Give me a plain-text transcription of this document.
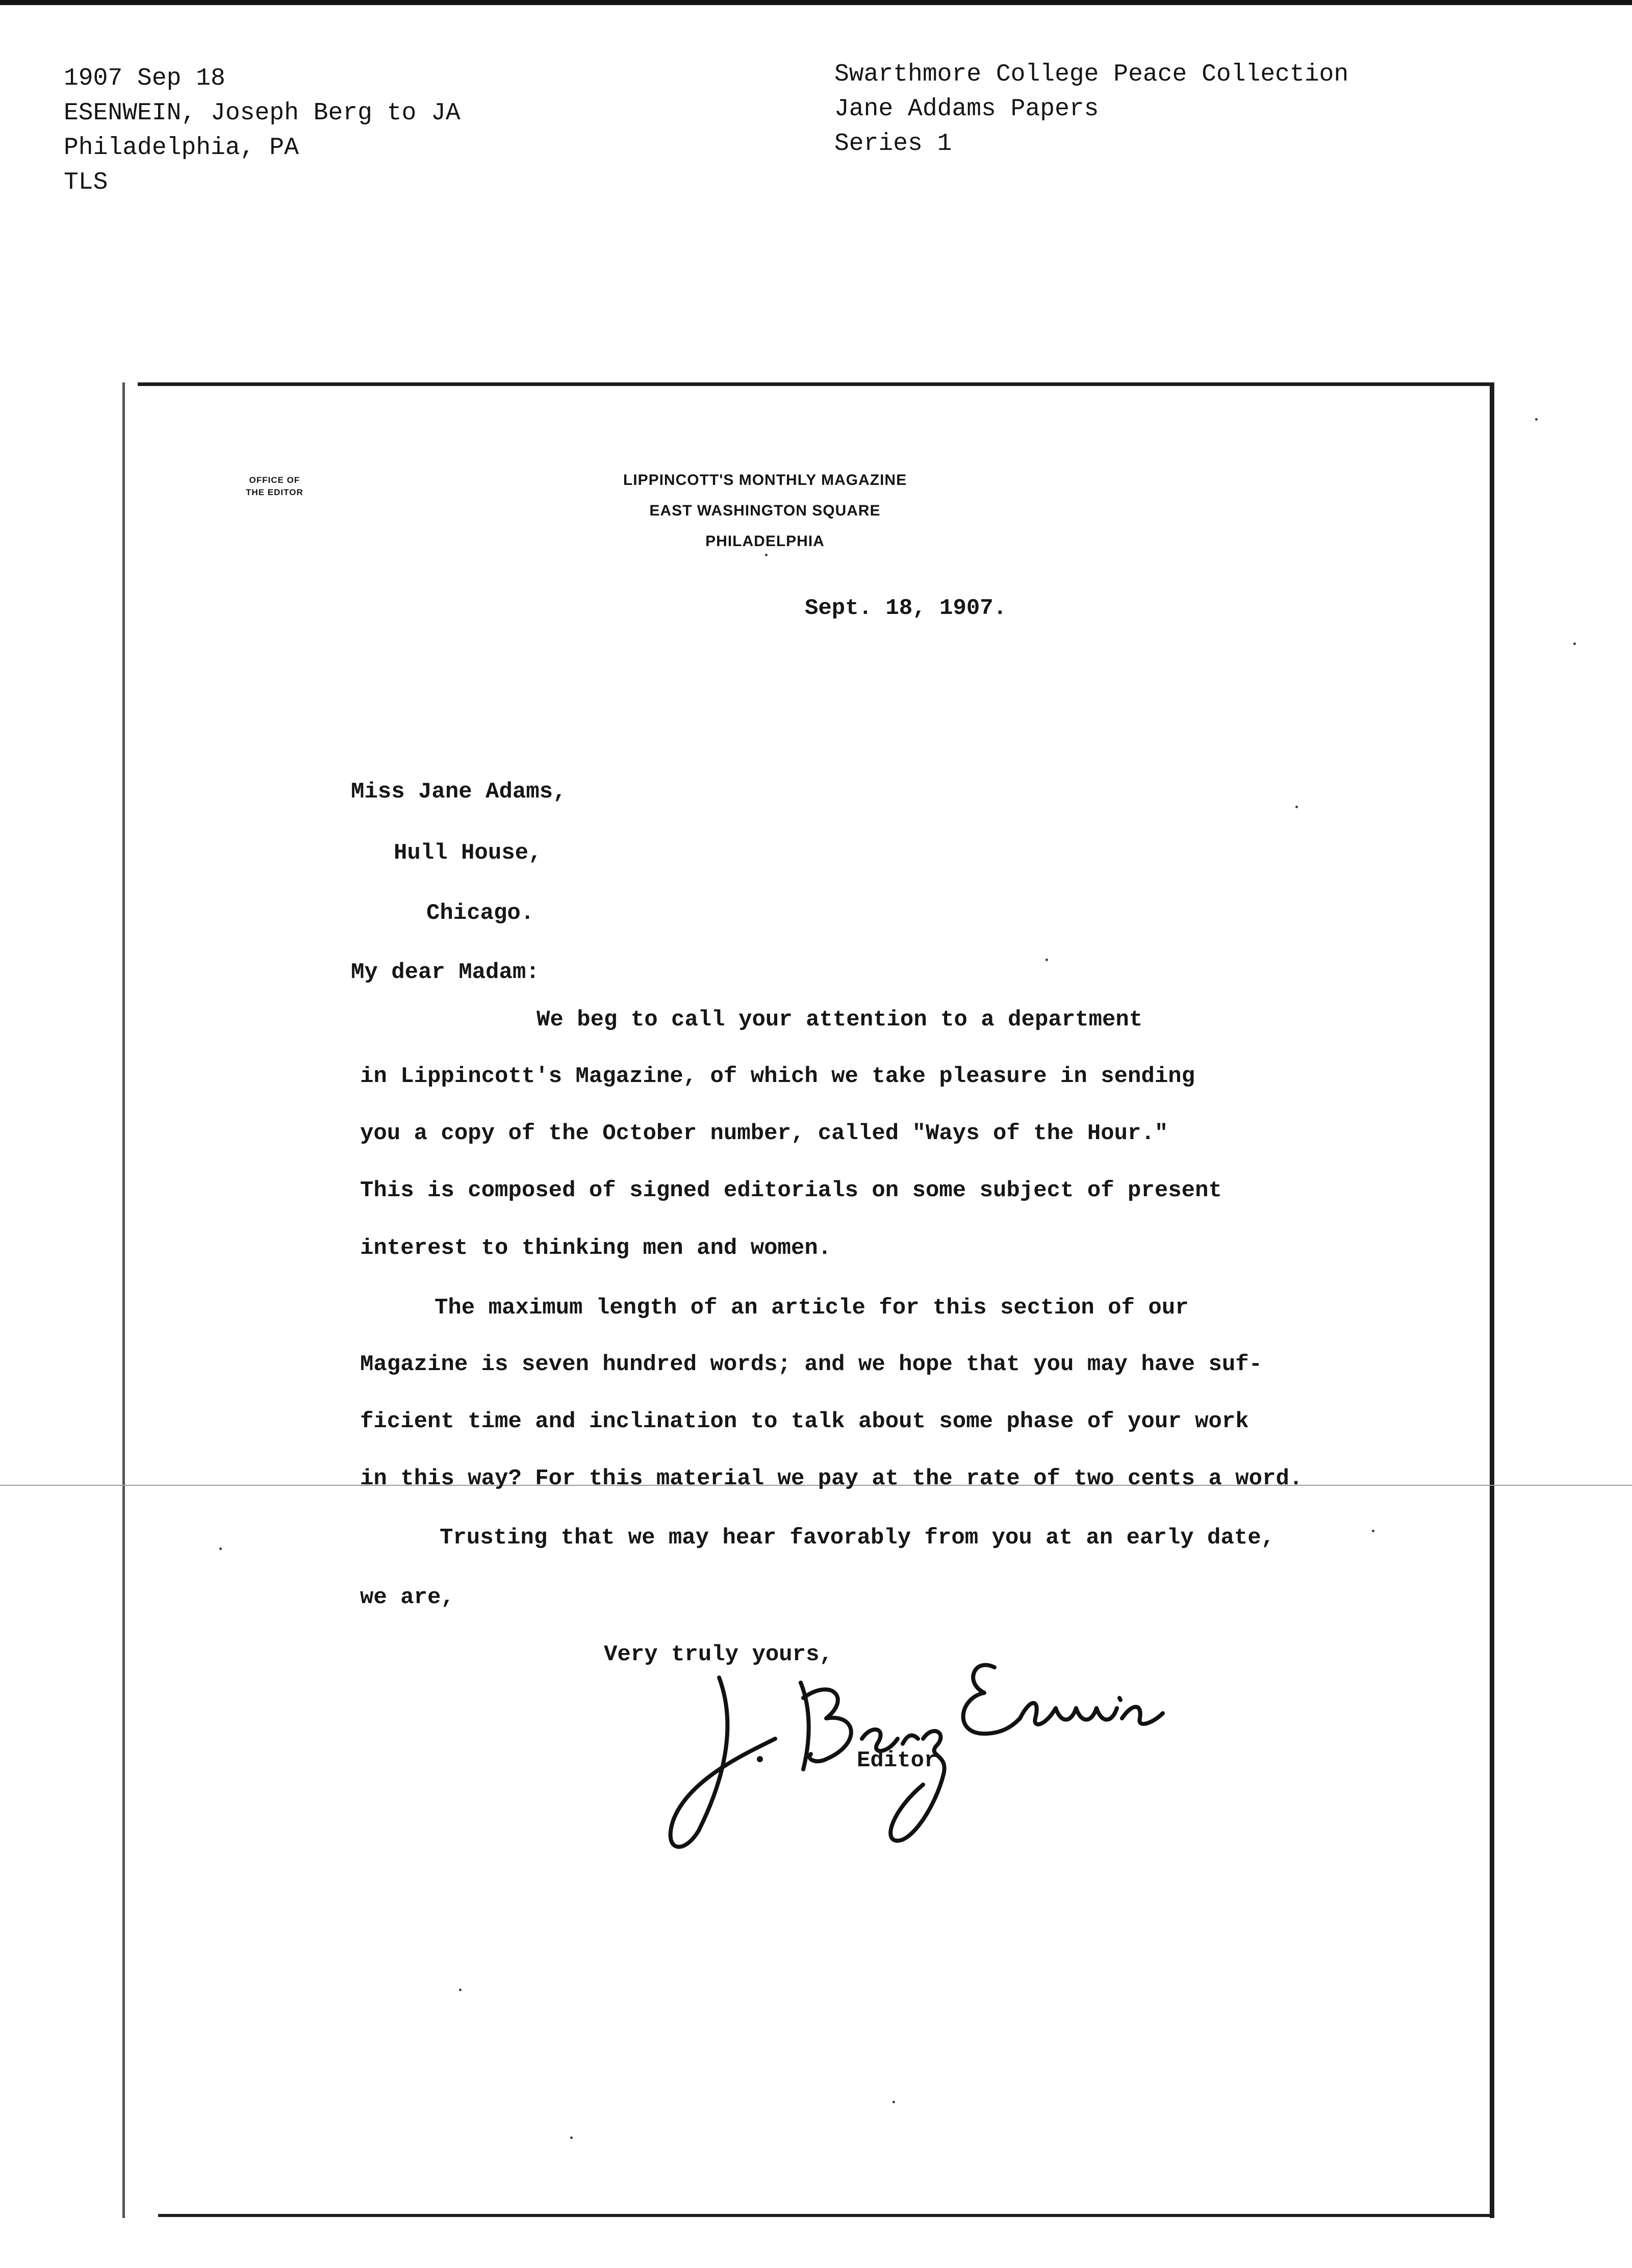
1907 Sep 18
ESENWEIN, Joseph Berg to JA
Philadelphia, PA
TLS
Swarthmore College Peace Collection
Jane Addams Papers
Series 1
OFFICE OF
THE EDITOR
LIPPINCOTT'S MONTHLY MAGAZINE
EAST WASHINGTON SQUARE
PHILADELPHIA
Sept. 18, 1907.
Miss Jane Adams,
Hull House,
Chicago.
My dear Madam:
We beg to call your attention to a department
in Lippincott's Magazine, of which we take pleasure in sending
you a copy of the October number, called "Ways of the Hour."
This is composed of signed editorials on some subject of present
interest to thinking men and women.
The maximum length of an article for this section of our
Magazine is seven hundred words; and we hope that you may have suf-
ficient time and inclination to talk about some phase of your work
in this way? For this material we pay at the rate of two cents a word.
Trusting that we may hear favorably from you at an early date,
we are,
Very truly yours,
Editor.
